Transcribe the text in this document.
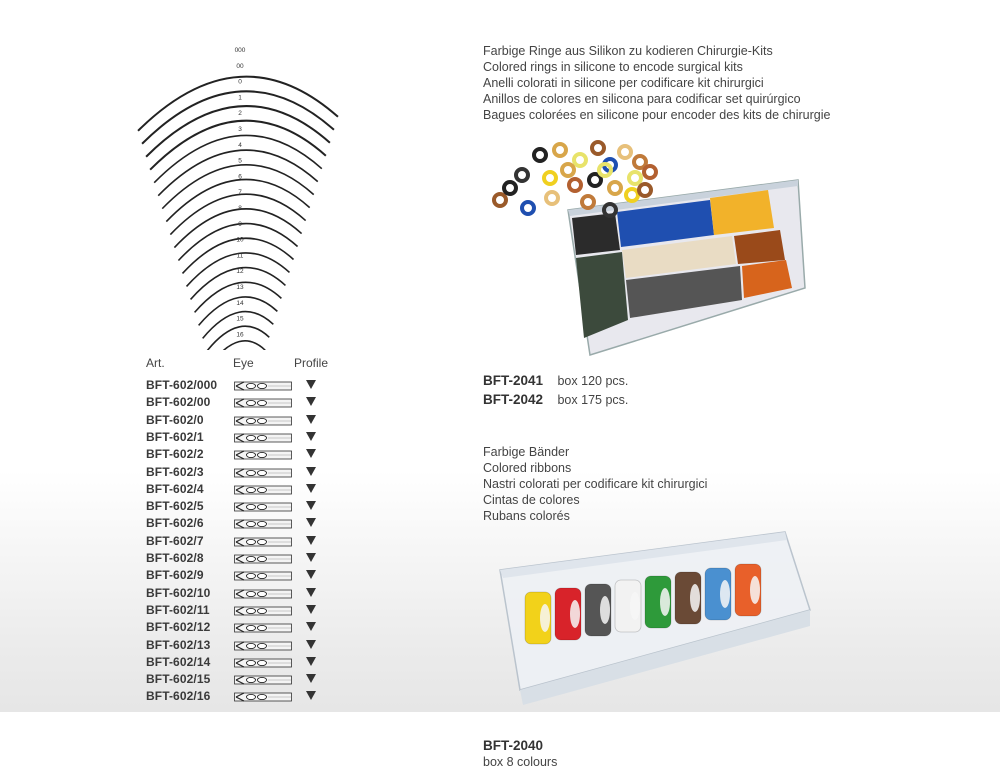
000
00
0
1
2
3
4
5
6
7
8
9
10
11
12
13
14
15
16
Art.	Eye	Profile
BFT-602/000
BFT-602/00
BFT-602/0
BFT-602/1
BFT-602/2
BFT-602/3
BFT-602/4
BFT-602/5
BFT-602/6
BFT-602/7
BFT-602/8
BFT-602/9
BFT-602/10
BFT-602/11
BFT-602/12
BFT-602/13
BFT-602/14
BFT-602/15
BFT-602/16
Farbige Ringe aus Silikon zu kodieren Chirurgie-Kits
Colored rings in silicone to encode surgical kits
Anelli colorati in silicone per codificare kit chirurgici
Anillos de colores en silicona para codificar set quirúrgico
Bagues colorées en silicone pour encoder des kits de chirurgie
BFT-2041 box 120 pcs.
BFT-2042 box 175 pcs.
Farbige Bänder
Colored ribbons
Nastri colorati per codificare kit chirurgici
Cintas de colores
Rubans colorés
BFT-2040
box 8 colours
